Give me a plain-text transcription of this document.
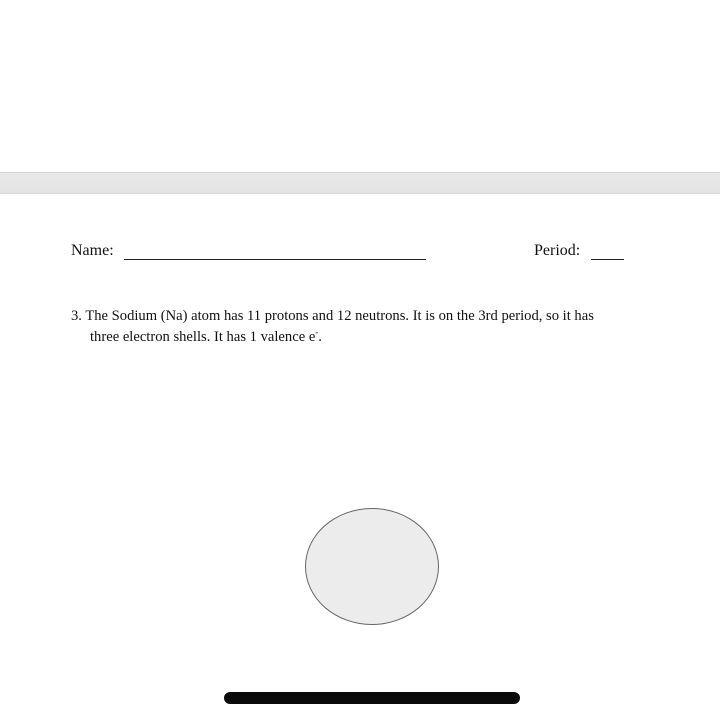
Name:	Period:
3. The Sodium (Na) atom has 11 protons and 12 neutrons. It is on the 3rd period, so it has
three electron shells. It has 1 valence e-.
